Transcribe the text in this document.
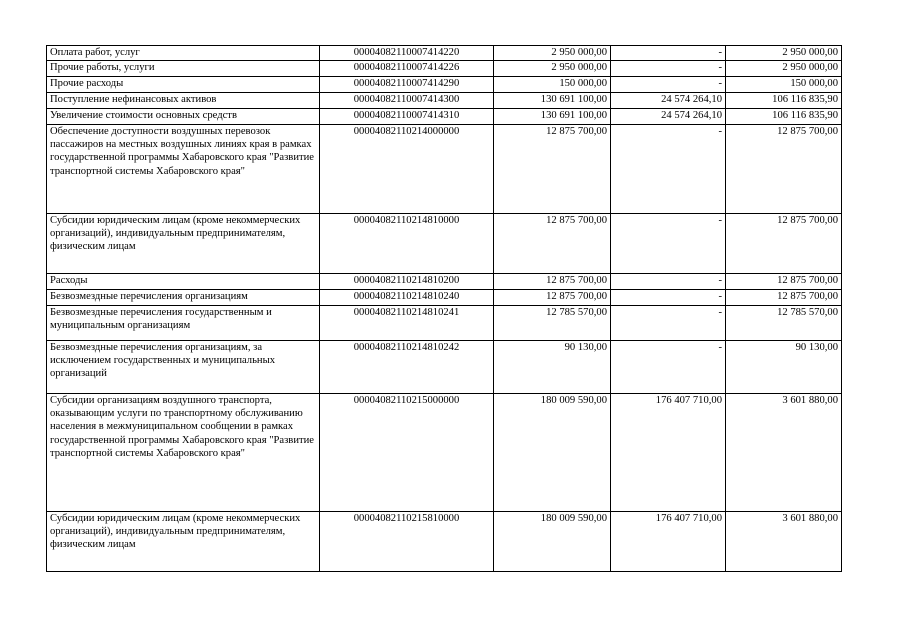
Оплата работ, услуг	00004082110007414220	2 950 000,00	-	2 950 000,00
Прочие работы, услуги	00004082110007414226	2 950 000,00	-	2 950 000,00
Прочие расходы	00004082110007414290	150 000,00	-	150 000,00
Поступление нефинансовых активов	00004082110007414300	130 691 100,00	24 574 264,10	106 116 835,90
Увеличение стоимости основных средств	00004082110007414310	130 691 100,00	24 574 264,10	106 116 835,90
Обеспечение доступности воздушных перевозок пассажиров на местных воздушных линиях края в рамках государственной программы Хабаровского края "Развитие транспортной системы Хабаровского края"	00004082110214000000	12 875 700,00	-	12 875 700,00
Субсидии юридическим лицам (кроме некоммерческих организаций), индивидуальным предпринимателям, физическим лицам	00004082110214810000	12 875 700,00	-	12 875 700,00
Расходы	00004082110214810200	12 875 700,00	-	12 875 700,00
Безвозмездные перечисления организациям	00004082110214810240	12 875 700,00	-	12 875 700,00
Безвозмездные перечисления государственным и муниципальным организациям	00004082110214810241	12 785 570,00	-	12 785 570,00
Безвозмездные перечисления организациям, за исключением государственных и муниципальных организаций	00004082110214810242	90 130,00	-	90 130,00
Субсидии организациям воздушного транспорта, оказывающим услуги по транспортному обслуживанию населения в межмуниципальном сообщении в рамках государственной программы Хабаровского края "Развитие транспортной системы Хабаровского края"	00004082110215000000	180 009 590,00	176 407 710,00	3 601 880,00
Субсидии юридическим лицам (кроме некоммерческих организаций), индивидуальным предпринимателям, физическим лицам	00004082110215810000	180 009 590,00	176 407 710,00	3 601 880,00
